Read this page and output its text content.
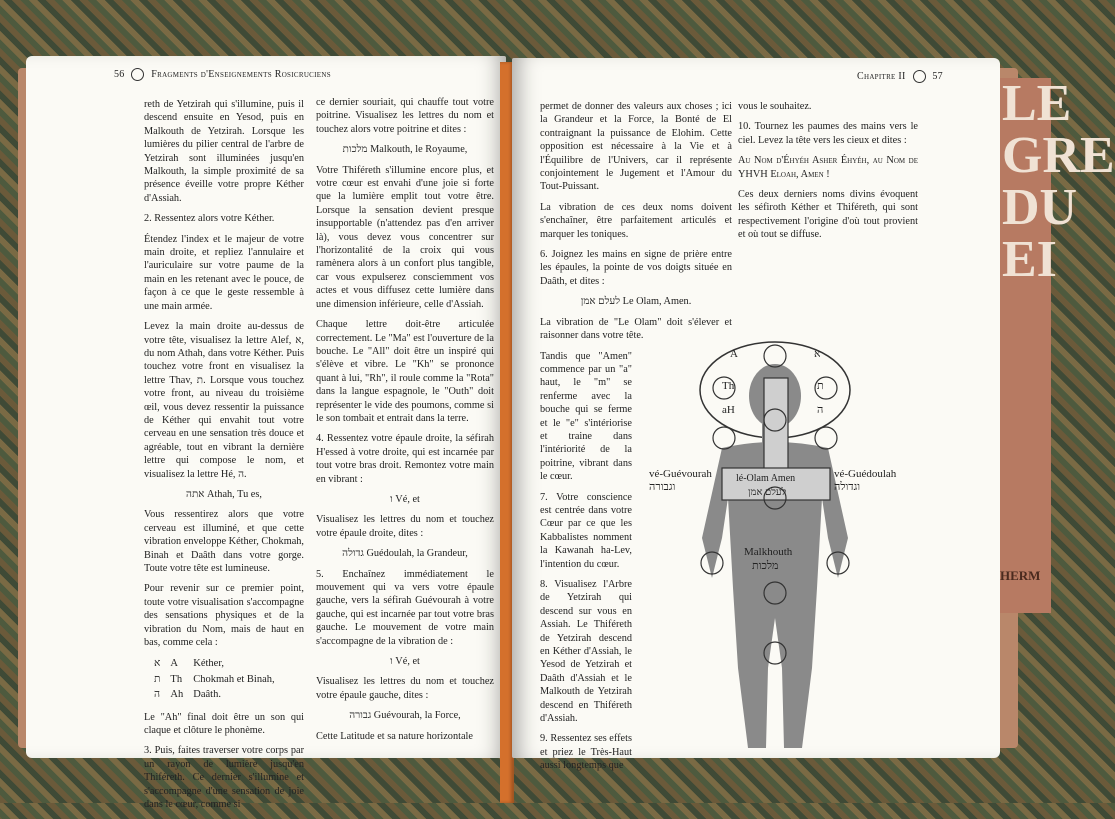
LE
GRE
DU
EI
HERM
56	Fragments d'Enseignements Rosicruciens

reth de Yetzirah qui s'illumine, puis il descend ensuite en Yesod, puis en Malkouth de Yetzirah. Lorsque les lumières du pilier central de l'arbre de Yetzirah sont illuminées jusqu'en Malkouth, la simple proximité de sa présence éveille votre propre Kéther d'Assiah.

2. Ressentez alors votre Kéther.

Étendez l'index et le majeur de votre main droite, et repliez l'annulaire et l'auriculaire sur votre paume de la main en les retenant avec le pouce, de façon à ce que le geste ressemble à une main armée.

Levez la main droite au-dessus de votre tête, visualisez la lettre Alef, א, du nom Athah, dans votre Kéther. Puis touchez votre front en visualisez la lettre Thav, ת. Lorsque vous touchez votre front, au niveau du troisième œil, vous devez ressentir la puissance de Kéther qui envahit tout votre cerveau en une sensation très douce et agréable, tout en vibrant la dernière lettre qui compose le nom, et visualisez la lettre Hé, ה.

אתה Athah, Tu es,

Vous ressentirez alors que votre cerveau est illuminé, et que cette vibration enveloppe Kéther, Chokmah, Binah et Daâth dans votre gorge. Toute votre tête est lumineuse.

Pour revenir sur ce premier point, toute votre visualisation s'accompagne des sensations physiques et de la vibration du Nom, mais de haut en bas, comme cela :

א	A	Kéther,
ת	Th	Chokmah et Binah,
ה	Ah	Daâth.

Le "Ah" final doit être un son qui claque et clôture le phonème.

3. Puis, faites traverser votre corps par un rayon de lumière jusqu'en Thiféreth. Ce dernier s'illumine et s'accompagne d'une sensation de joie dans le cœur, comme si

ce dernier souriait, qui chauffe tout votre poitrine. Visualisez les lettres du nom et touchez alors votre poitrine et dites :

מלכות Malkouth, le Royaume,

Votre Thiféreth s'illumine encore plus, et votre cœur est envahi d'une joie si forte que la lumière emplit tout votre être. Lorsque la sensation devient presque insupportable (n'attendez pas d'en arriver là), vous devez vous concentrer sur l'horizontalité de la croix qui vous ramènera alors à un confort plus tangible, car vous expulserez consciemment vos actes et vous diffusez cette lumière dans une dimension inférieure, celle d'Assiah.

Chaque lettre doit-être articulée correctement. Le "Ma" est l'ouverture de la bouche. Le "All" doit être un inspiré qui s'élève et vibre. Le "Kh" se prononce quant à lui, "Rh", il roule comme la "Rota" dans la langue espagnole, le "Outh" doit représenter le vide des poumons, comme si le son tombait et entrait dans la terre.

4. Ressentez votre épaule droite, la séfirah H'essed à votre droite, qui est incarnée par tout votre bras droit. Remontez votre main en vibrant :

ו Vé, et

Visualisez les lettres du nom et touchez votre épaule droite, dites :

גדולה Guédoulah, la Grandeur,

5. Enchaînez immédiatement le mouvement qui va vers votre épaule gauche, vers la séfirah Guévourah à votre gauche, qui est incarnée par tout votre bras gauche. Le mouvement de votre main s'accompagne de la vibration de :

ו Vé, et

Visualisez les lettres du nom et touchez votre épaule gauche, dites :

גבורה Guévourah, la Force,

Cette Latitude et sa nature horizontale

Chapitre II	57

permet de donner des valeurs aux choses ; ici la Grandeur et la Force, la Bonté de El contraignant la puissance de Elohim. Cette opposition est nécessaire à la Vie et à l'Équilibre de l'Univers, car il représente conjointement le Jugement et l'Amour du Tout-Puissant.

La vibration de ces deux noms doivent s'enchaîner, être parfaitement articulés et marquer les toniques.

6. Joignez les mains en signe de prière entre les épaules, la pointe de vos doigts située en Daâth, et dites :

לעלם אמן Le Olam, Amen.

La vibration de "Le Olam" doit s'élever et raisonner dans votre tête.

Tandis que "Amen" commence par un "a" haut, le "m" se renferme avec la bouche qui se ferme et le "e" s'intériorise et traine dans l'intériorité de la poitrine, vibrant dans le cœur.

7. Votre conscience est centrée dans votre Cœur par ce que les Kabbalistes nomment la Kawanah ha-Lev, l'intention du cœur.

8. Visualisez l'Arbre de Yetzirah qui descend sur vous en Assiah. Le Thiféreth de Yetzirah descend en Kéther d'Assiah, le Yesod de Yetzirah et Daâth d'Assiah et le Malkouth de Yetzirah descend en Thiféreth d'Assiah.

9. Ressentez ses effets et priez le Très-Haut aussi longtemps que

vous le souhaitez.

10. Tournez les paumes des mains vers le ciel. Levez la tête vers les cieux et dites :

Au Nom d'Éhyéh Asher Éhyéh, au Nom de YHVH Eloah, Amen !

Ces deux derniers noms divins évoquent les séfiroth Kéther et Thiféreth, qui sont respectivement l'origine d'où tout provient et où tout se diffuse.

A
Th
aH
א
ת
ה
vé-Guévourah וגבורה
vé-Guédoulah וגדולה
lé-Olam Amen
לעלם אמן
Malkhouth
מלכות
